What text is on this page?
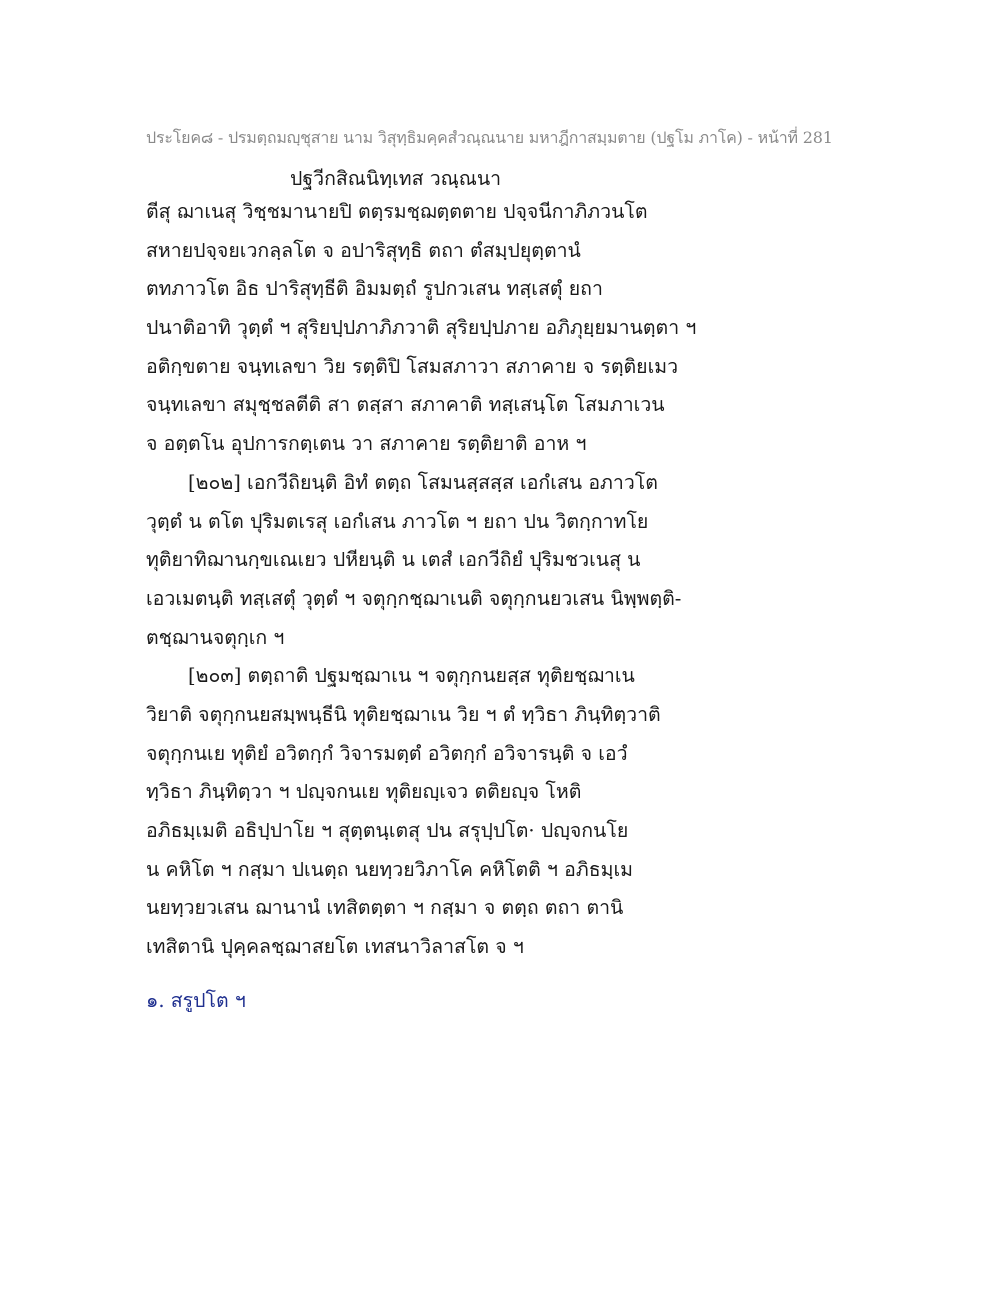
ประโยค๘ - ปรมตฺถมญฺชุสาย นาม วิสุทฺธิมคฺคสํวณฺณนาย มหาฎีกาสมฺมตาย (ปฐโม ภาโค) - หน้าที่ 281
ปฐวีกสิณนิทฺเทส วณฺณนา
ตีสุ ฌาเนสุ วิชฺชมานายปิ ตตฺรมชฺฌตฺตตาย ปจฺจนีกาภิภวนโต
สหายปจฺจยเวกลฺลโต จ อปาริสุทฺธิ ตถา ตํสมฺปยุตฺตานํ
ตทภาวโต อิธ ปาริสุทฺธีติ อิมมตฺถํ รูปกวเสน ทสฺเสตุํ ยถา
ปนาติอาทิ วุตฺตํ ฯ สุริยปฺปภาภิภวาติ สุริยปฺปภาย อภิภุยฺยมานตฺตา ฯ
อติกฺขตาย จนฺทเลขา วิย รตฺติปิ โสมสภาวา สภาคาย จ รตฺติยเมว
จนฺทเลขา สมุชฺชลตีติ สา ตสฺสา สภาคาติ ทสฺเสนฺโต โสมภาเวน
จ อตฺตโน อุปการกตฺเตน วา สภาคาย รตฺติยาติ อาห ฯ
[๒๐๒] เอกวีถิยนฺติ อิทํ ตตฺถ โสมนสฺสสฺส เอกํเสน อภาวโต
วุตฺตํ น ตโต ปุริมตเรสุ เอกํเสน ภาวโต ฯ ยถา ปน วิตกฺกาทโย
ทุติยาทิฌานกฺขเณเยว ปหียนฺติ น เตสํ เอกวีถิยํ ปุริมชวเนสุ น
เอวเมตนฺติ ทสฺเสตุํ วุตฺตํ ฯ จตุกฺกชฺฌาเนติ จตุกฺกนยวเสน นิพฺพตฺติ-
ตชฺฌานจตุกฺเก ฯ
[๒๐๓] ตตฺถาติ ปฐมชฺฌาเน ฯ จตุกฺกนยสฺส ทุติยชฺฌาเน
วิยาติ จตุกฺกนยสมฺพนฺธีนิ ทุติยชฺฌาเน วิย ฯ ตํ ทฺวิธา ภินฺทิตฺวาติ
จตุกฺกนเย ทุติยํ อวิตกฺกํ วิจารมตฺตํ อวิตกฺกํ อวิจารนฺติ จ เอวํ
ทฺวิธา ภินฺทิตฺวา ฯ ปญฺจกนเย ทุติยญฺเจว ตติยญฺจ โหติ
อภิธมฺเมติ อธิปฺปาโย ฯ สุตฺตนฺเตสุ ปน สรุปฺปโต· ปญฺจกนโย
น คหิโต ฯ กสฺมา ปเนตฺถ นยทฺวยวิภาโค คหิโตติ ฯ อภิธมฺเม
นยทฺวยวเสน ฌานานํ เทสิตตฺตา ฯ กสฺมา จ ตตฺถ ตถา ตานิ
เทสิตานิ ปุคฺคลชฺฌาสยโต เทสนาวิลาสโต จ ฯ
๑. สรูปโต ฯ
